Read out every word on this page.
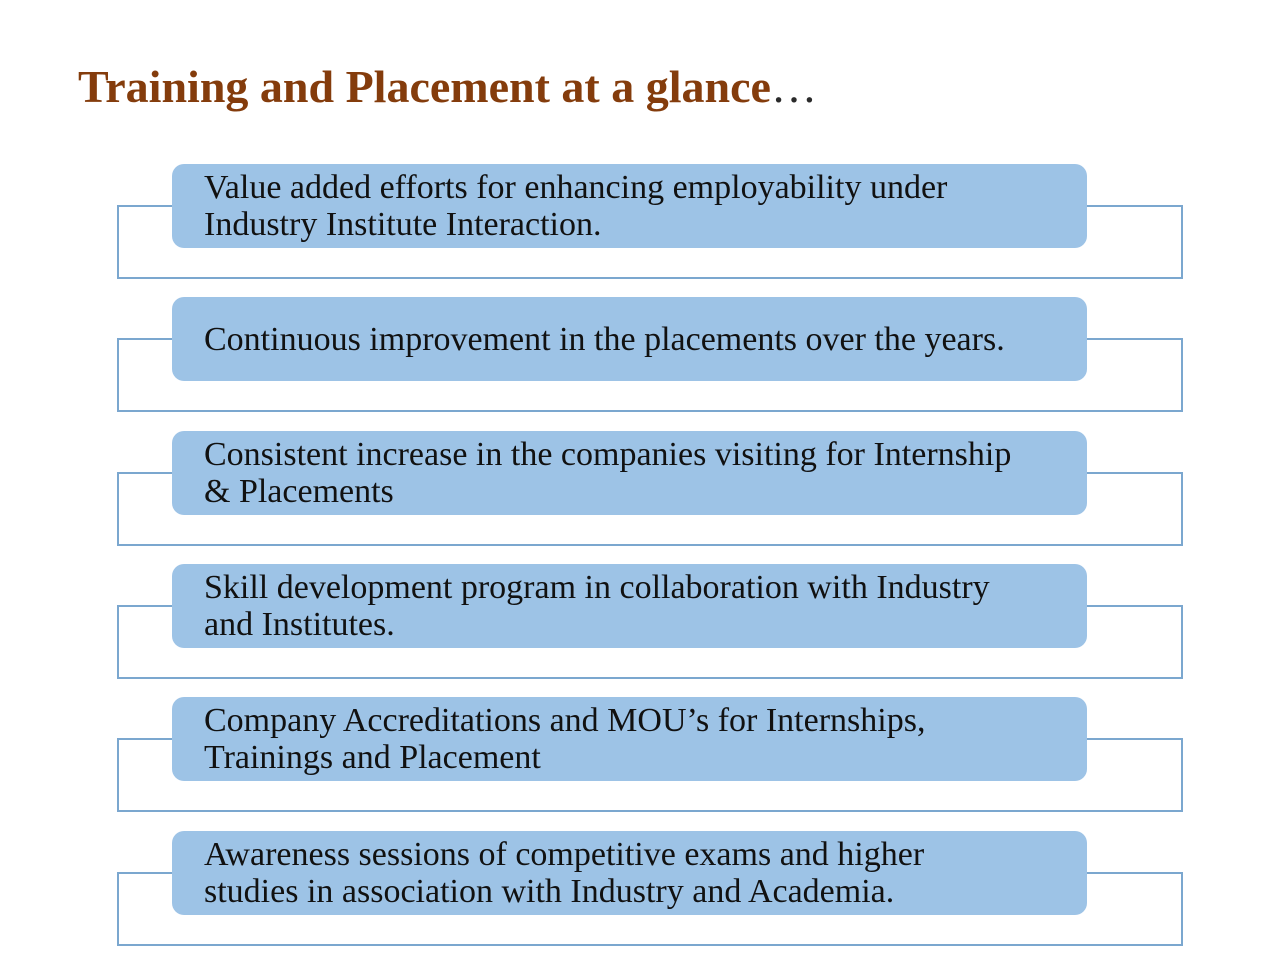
Training and Placement at a glance…
Value added efforts for enhancing employability under
Industry Institute Interaction.
Continuous improvement in the placements over the years.
Consistent increase in the companies visiting for Internship
& Placements
Skill development program in collaboration with Industry
and Institutes.
Company Accreditations and MOU’s for Internships,
Trainings and Placement
Awareness sessions of competitive exams and higher
studies in association with Industry and Academia.
